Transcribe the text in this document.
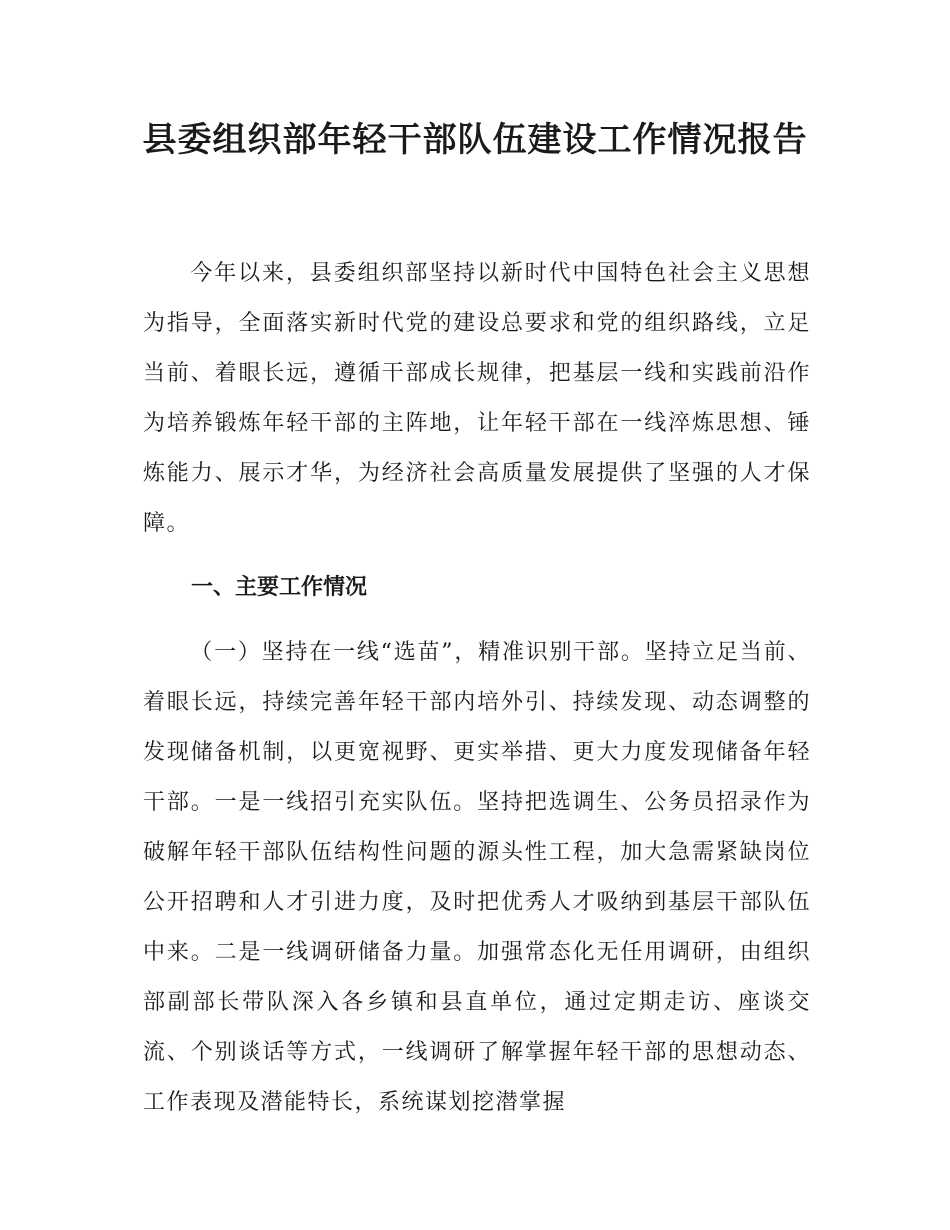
县委组织部年轻干部队伍建设工作情况报告

今年以来，县委组织部坚持以新时代中国特色社会主义思想为指导，全面落实新时代党的建设总要求和党的组织路线，立足当前、着眼长远，遵循干部成长规律，把基层一线和实践前沿作为培养锻炼年轻干部的主阵地，让年轻干部在一线淬炼思想、锤炼能力、展示才华，为经济社会高质量发展提供了坚强的人才保障。

一、主要工作情况

（一）坚持在一线“选苗”，精准识别干部。坚持立足当前、着眼长远，持续完善年轻干部内培外引、持续发现、动态调整的发现储备机制，以更宽视野、更实举措、更大力度发现储备年轻干部。一是一线招引充实队伍。坚持把选调生、公务员招录作为破解年轻干部队伍结构性问题的源头性工程，加大急需紧缺岗位公开招聘和人才引进力度，及时把优秀人才吸纳到基层干部队伍中来。二是一线调研储备力量。加强常态化无任用调研，由组织部副部长带队深入各乡镇和县直单位，通过定期走访、座谈交流、个别谈话等方式，一线调研了解掌握年轻干部的思想动态、工作表现及潜能特长，系统谋划挖潜掌握
